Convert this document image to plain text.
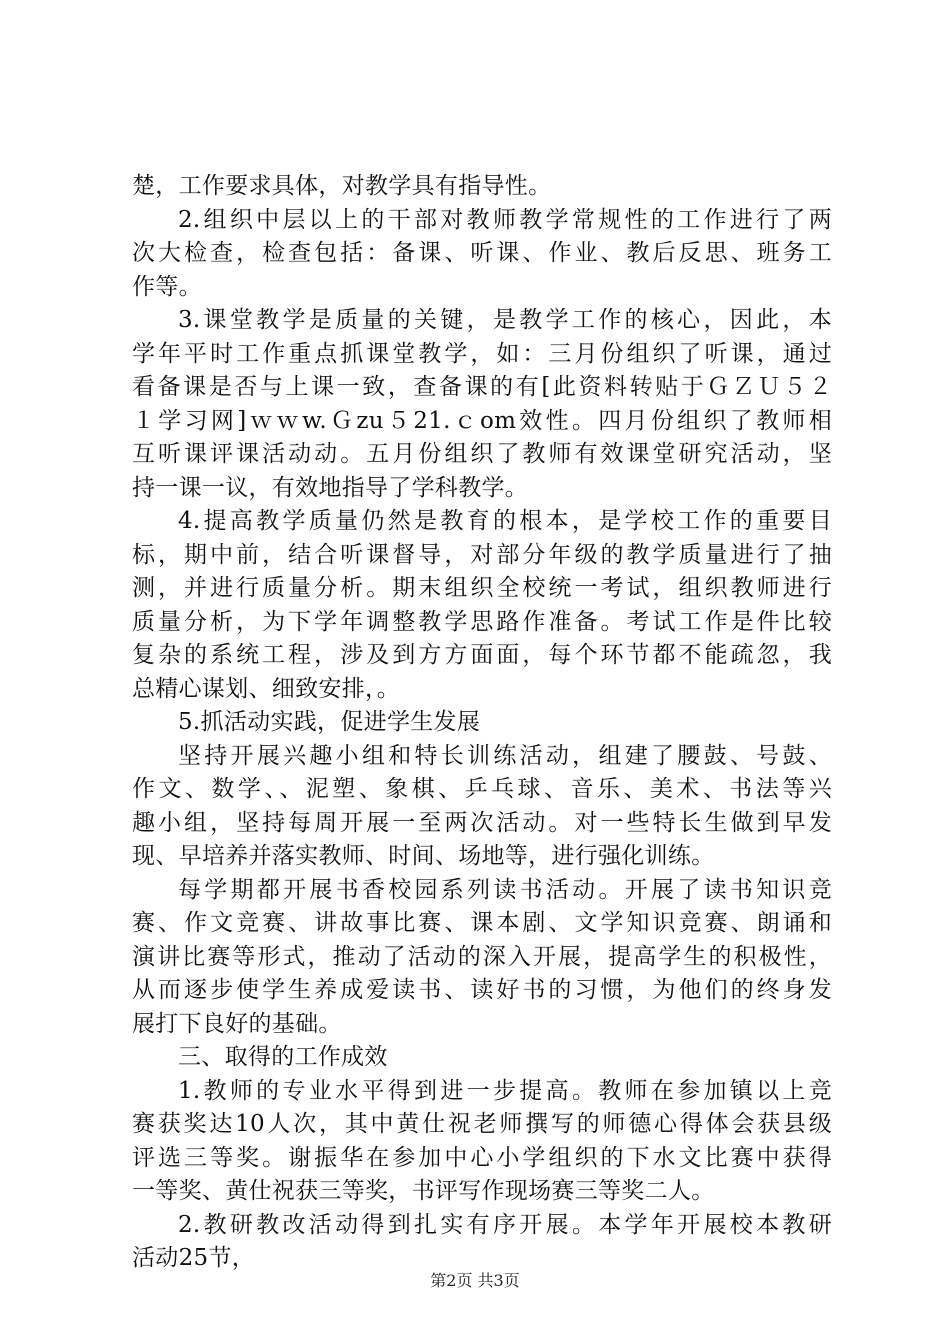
楚，工作要求具体，对教学具有指导性。
2.组织中层以上的干部对教师教学常规性的工作进行了两
次大检查，检查包括：备课、听课、作业、教后反思、班务工
作等。
3.课堂教学是质量的关键，是教学工作的核心，因此，本
学年平时工作重点抓课堂教学，如：三月份组织了听课，通过
看备课是否与上课一致，查备课的有[此资料转贴于ＧＺＵ５２
１学习网]ｗｗw.Ｇzu５21.ｃom效性。四月份组织了教师相
互听课评课活动动。五月份组织了教师有效课堂研究活动，坚
持一课一议，有效地指导了学科教学。
4.提高教学质量仍然是教育的根本，是学校工作的重要目
标，期中前，结合听课督导，对部分年级的教学质量进行了抽
测，并进行质量分析。期末组织全校统一考试，组织教师进行
质量分析，为下学年调整教学思路作准备。考试工作是件比较
复杂的系统工程，涉及到方方面面，每个环节都不能疏忽，我
总精心谋划、细致安排，。
5.抓活动实践，促进学生发展
坚持开展兴趣小组和特长训练活动，组建了腰鼓、号鼓、
作文、数学、、泥塑、象棋、乒乓球、音乐、美术、书法等兴
趣小组，坚持每周开展一至两次活动。对一些特长生做到早发
现、早培养并落实教师、时间、场地等，进行强化训练。
每学期都开展书香校园系列读书活动。开展了读书知识竞
赛、作文竞赛、讲故事比赛、课本剧、文学知识竞赛、朗诵和
演讲比赛等形式，推动了活动的深入开展，提高学生的积极性，
从而逐步使学生养成爱读书、读好书的习惯，为他们的终身发
展打下良好的基础。
三、取得的工作成效
1.教师的专业水平得到进一步提高。教师在参加镇以上竞
赛获奖达10人次，其中黄仕祝老师撰写的师德心得体会获县级
评选三等奖。谢振华在参加中心小学组织的下水文比赛中获得
一等奖、黄仕祝获三等奖，书评写作现场赛三等奖二人。
2.教研教改活动得到扎实有序开展。本学年开展校本教研
活动25节，
第2页 共3页
